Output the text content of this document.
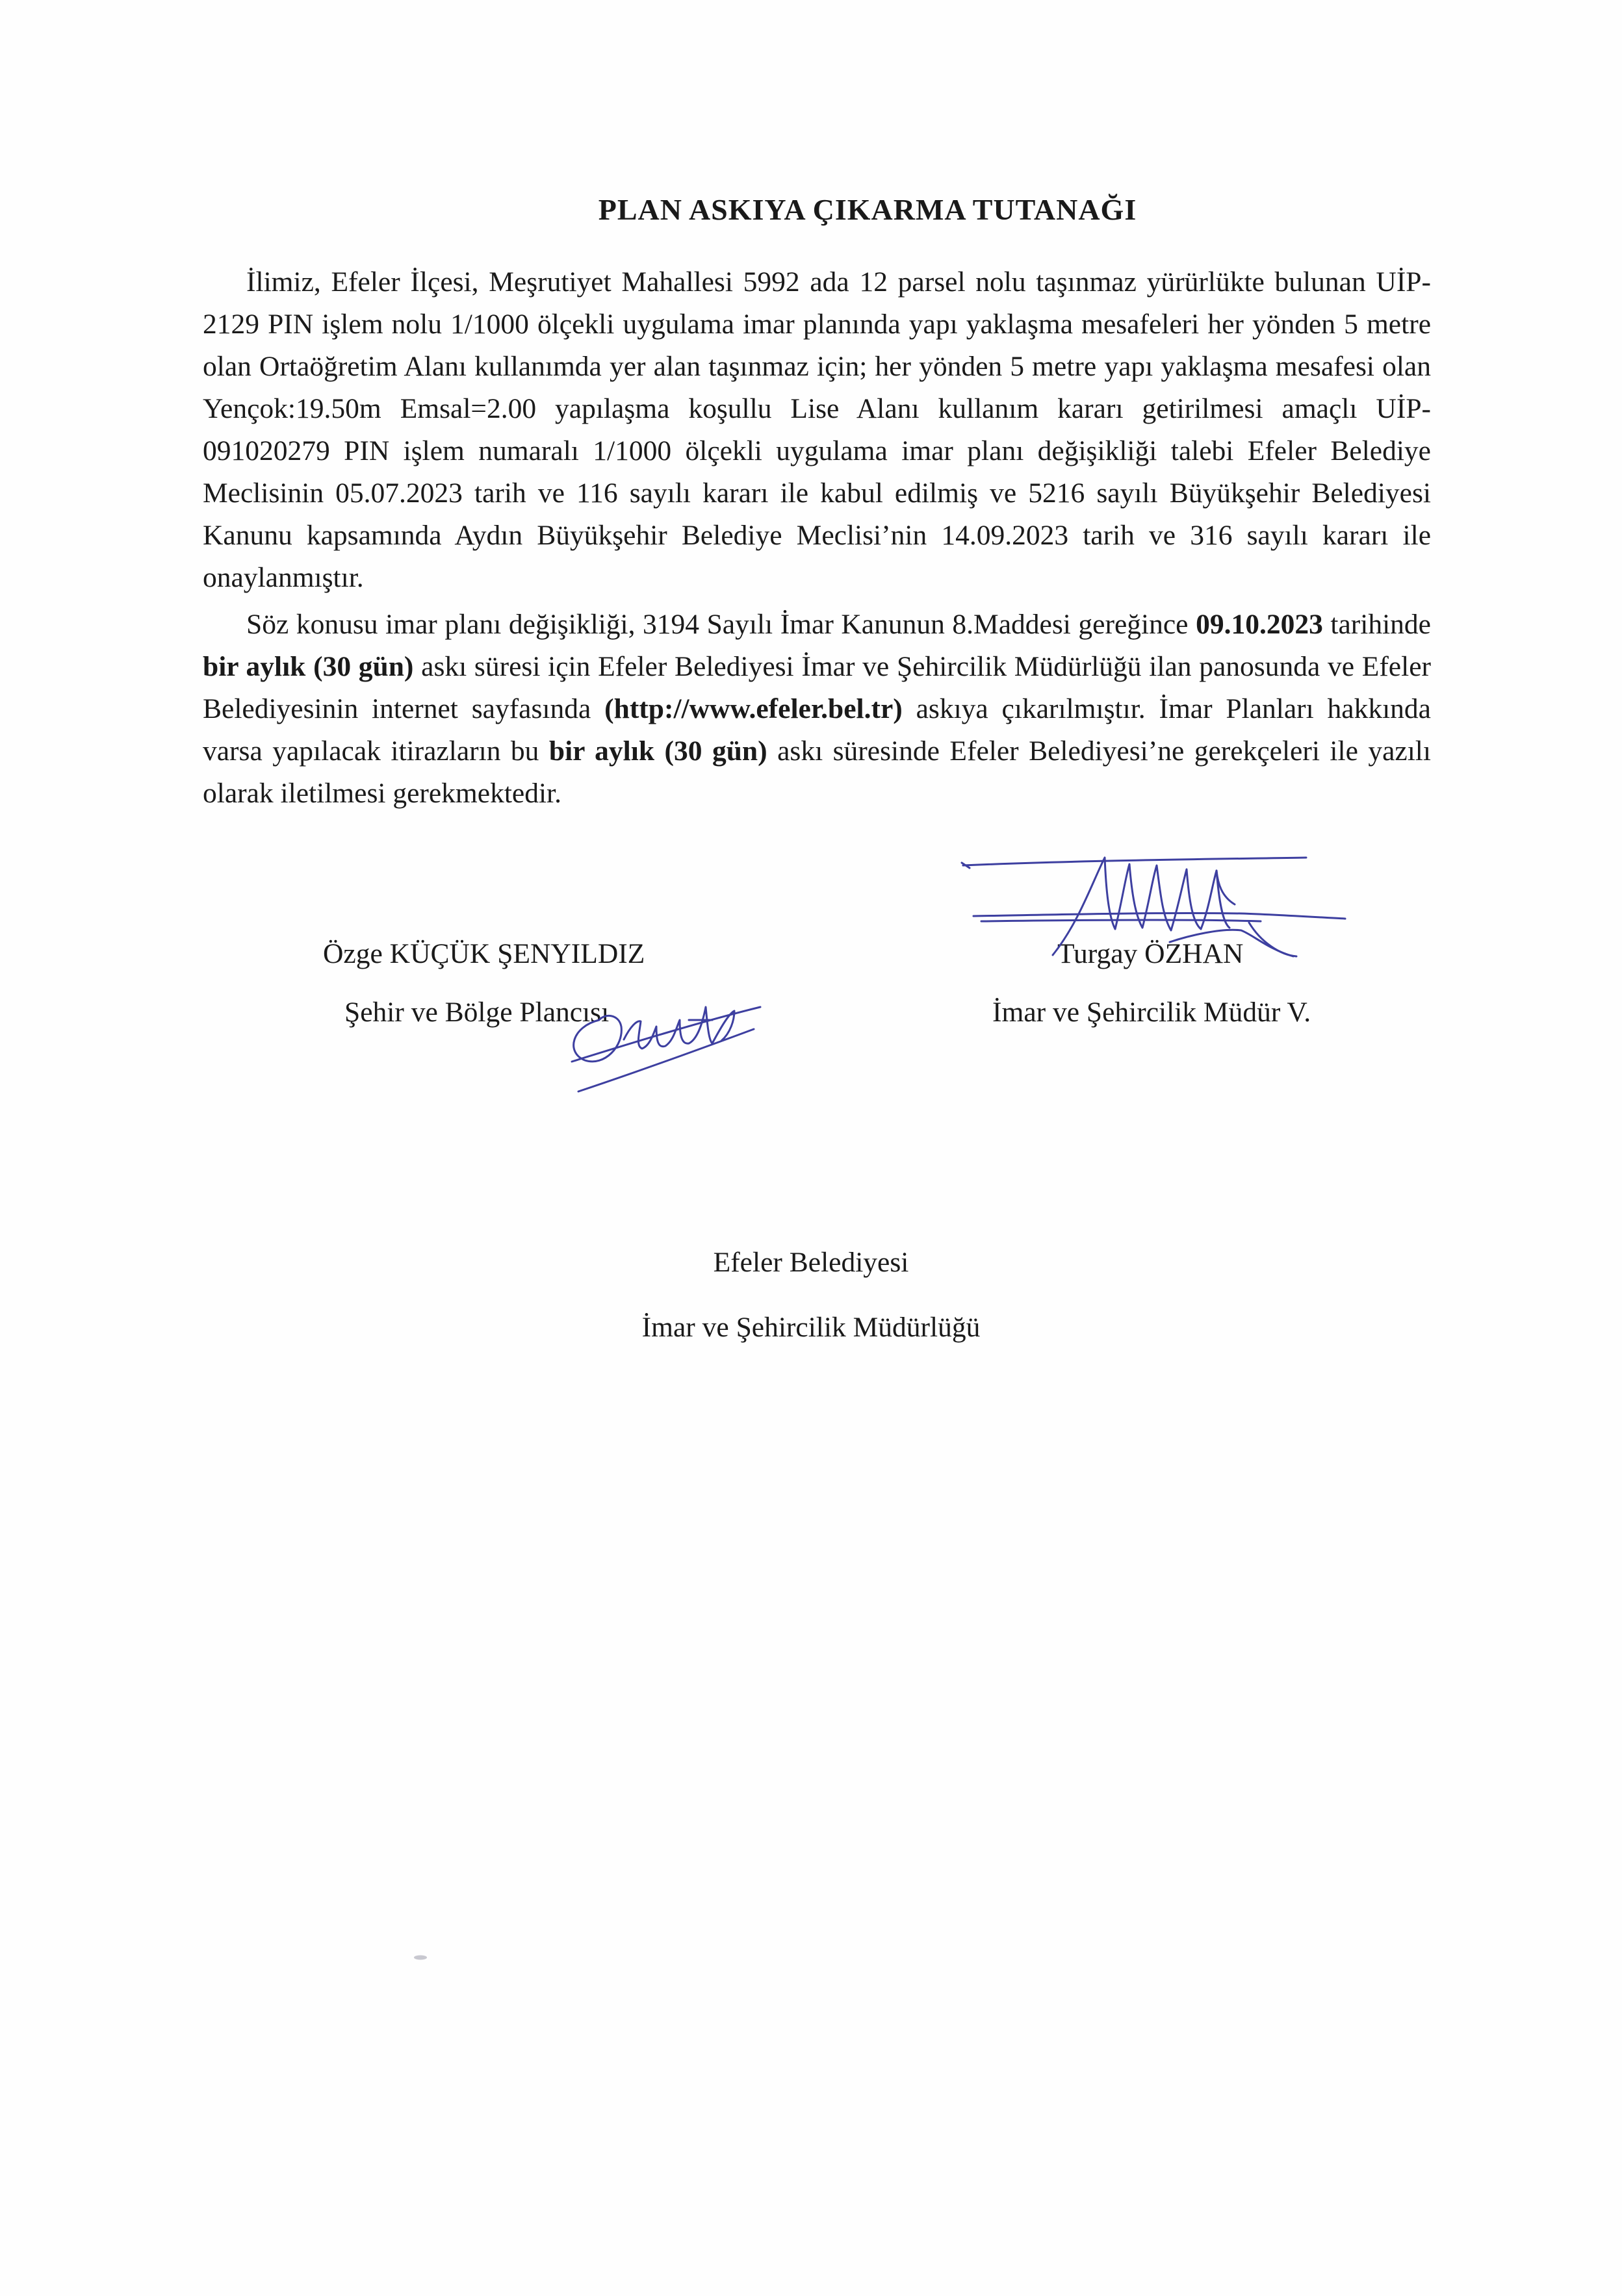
PLAN ASKIYA ÇIKARMA TUTANAĞI

İlimiz, Efeler İlçesi, Meşrutiyet Mahallesi 5992 ada 12 parsel nolu taşınmaz yürürlükte bulunan UİP-2129 PIN işlem nolu 1/1000 ölçekli uygulama imar planında yapı yaklaşma mesafeleri her yönden 5 metre olan Ortaöğretim Alanı kullanımda yer alan taşınmaz için; her yönden 5 metre yapı yaklaşma mesafesi olan Yençok:19.50m Emsal=2.00 yapılaşma koşullu Lise Alanı kullanım kararı getirilmesi amaçlı UİP-091020279 PIN işlem numaralı 1/1000 ölçekli uygulama imar planı değişikliği talebi Efeler Belediye Meclisinin 05.07.2023 tarih ve 116 sayılı kararı ile kabul edilmiş ve 5216 sayılı Büyükşehir Belediyesi Kanunu kapsamında Aydın Büyükşehir Belediye Meclisi’nin 14.09.2023 tarih ve 316 sayılı kararı ile onaylanmıştır.

Söz konusu imar planı değişikliği, 3194 Sayılı İmar Kanunun 8.Maddesi gereğince 09.10.2023 tarihinde bir aylık (30 gün) askı süresi için Efeler Belediyesi İmar ve Şehircilik Müdürlüğü ilan panosunda ve Efeler Belediyesinin internet sayfasında (http://www.efeler.bel.tr) askıya çıkarılmıştır. İmar Planları hakkında varsa yapılacak itirazların bu bir aylık (30 gün) askı süresinde Efeler Belediyesi’ne gerekçeleri ile yazılı olarak iletilmesi gerekmektedir.

Özge KÜÇÜK ŞENYILDIZ
Şehir ve Bölge Plancısı
Turgay ÖZHAN
İmar ve Şehircilik Müdür V.
Efeler Belediyesi
İmar ve Şehircilik Müdürlüğü
